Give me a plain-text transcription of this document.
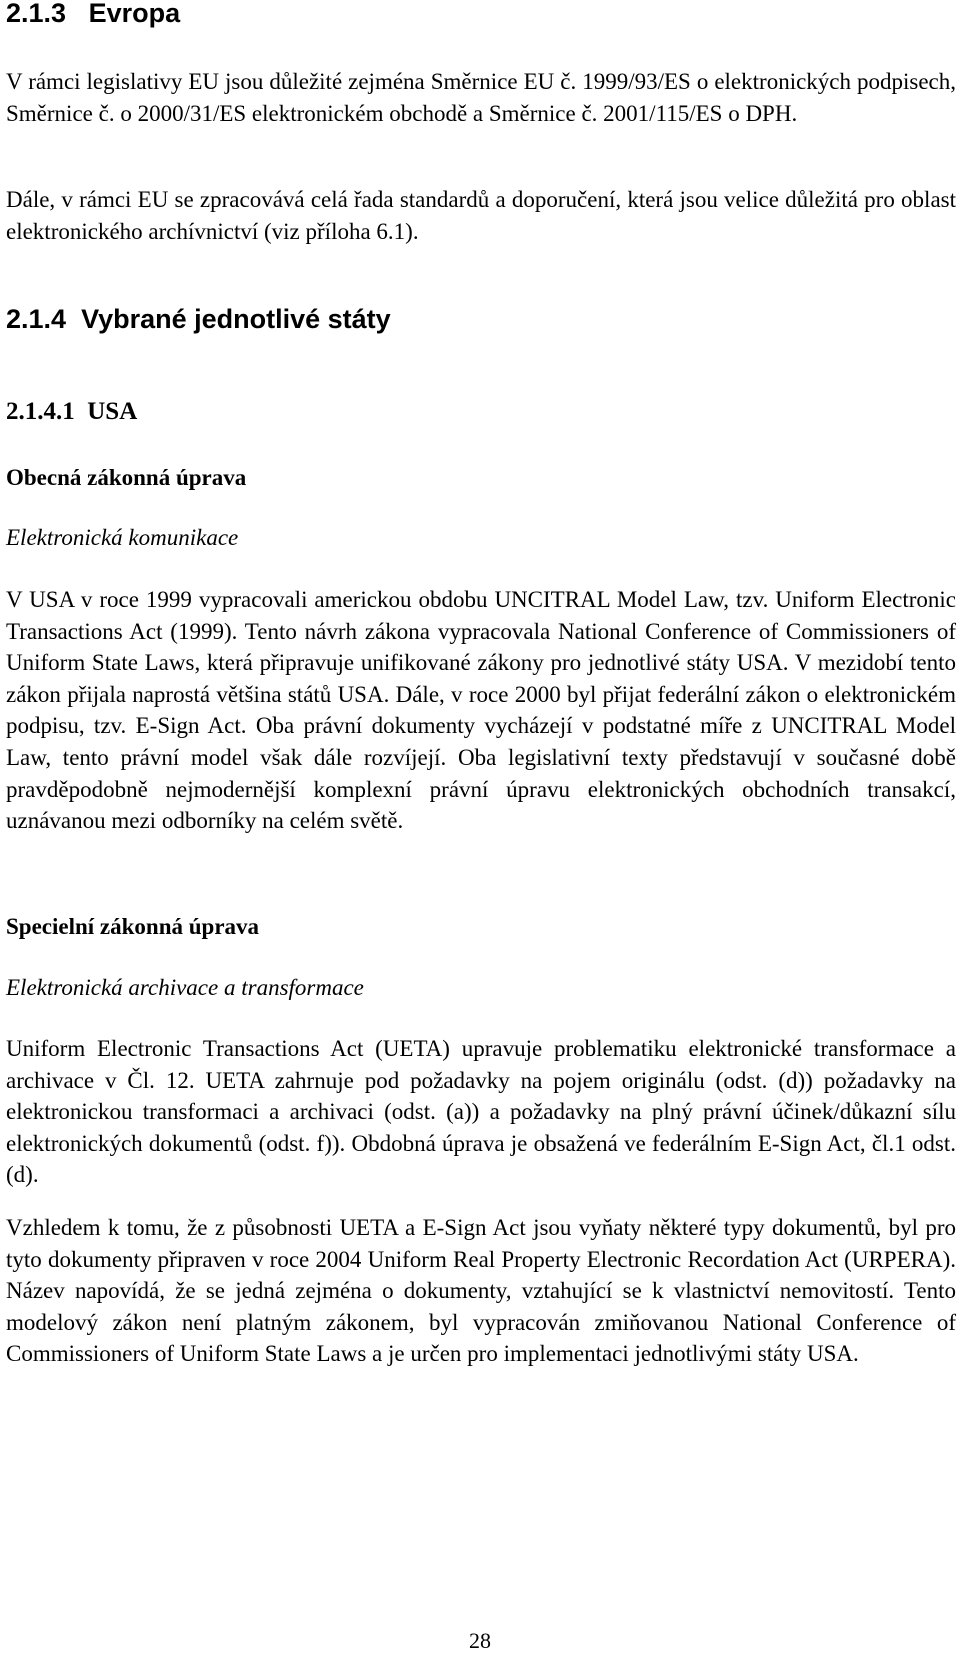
2.1.3 Evropa

V rámci legislativy EU jsou důležité zejména Směrnice EU č. 1999/93/ES o elektronických podpisech, Směrnice č. o 2000/31/ES elektronickém obchodě a Směrnice č. 2001/115/ES o DPH.

Dále, v rámci EU se zpracovává celá řada standardů a doporučení, která jsou velice důležitá pro oblast elektronického archívnictví (viz příloha 6.1).

2.1.4 Vybrané jednotlivé státy
2.1.4.1  USA
Obecná zákonná úprava
Elektronická komunikace

V USA v roce 1999 vypracovali americkou obdobu UNCITRAL Model Law, tzv. Uniform Electronic Transactions Act (1999). Tento návrh zákona vypracovala National Conference of Commissioners of Uniform State Laws, která připravuje unifikované zákony pro jednotlivé státy USA. V mezidobí tento zákon přijala naprostá většina států USA. Dále, v roce 2000 byl přijat federální zákon o elektronickém podpisu, tzv. E-Sign Act. Oba právní dokumenty vycházejí v podstatné míře z UNCITRAL Model Law, tento právní model však dále rozvíjejí. Oba legislativní texty představují v současné době pravděpodobně nejmodernější komplexní právní úpravu elektronických obchodních transakcí, uznávanou mezi odborníky na celém světě.

Specielní zákonná úprava
Elektronická archivace a transformace

Uniform Electronic Transactions Act (UETA) upravuje problematiku elektronické transformace a archivace v Čl. 12. UETA zahrnuje pod požadavky na pojem originálu (odst. (d)) požadavky na elektronickou transformaci a archivaci (odst. (a)) a požadavky na plný právní účinek/důkazní sílu elektronických dokumentů (odst. f)). Obdobná úprava je obsažená ve federálním E-Sign Act, čl.1 odst. (d).

Vzhledem k tomu, že z působnosti UETA a E-Sign Act jsou vyňaty některé typy dokumentů, byl pro tyto dokumenty připraven v roce 2004 Uniform Real Property Electronic Recordation Act (URPERA). Název napovídá, že se jedná zejména o dokumenty, vztahující se k vlastnictví nemovitostí. Tento modelový zákon není platným zákonem, byl vypracován zmiňovanou National Conference of Commissioners of Uniform State Laws a je určen pro implementaci jednotlivými státy USA.

28
